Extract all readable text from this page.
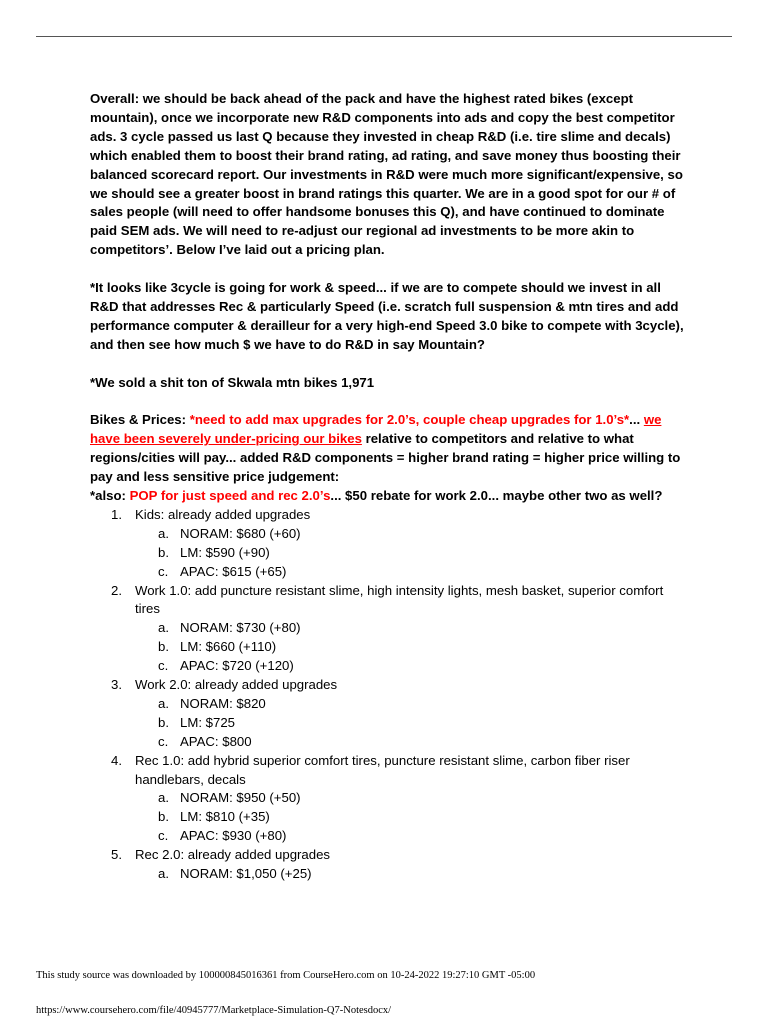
Overall: we should be back ahead of the pack and have the highest rated bikes (except mountain), once we incorporate new R&D components into ads and copy the best competitor ads. 3 cycle passed us last Q because they invested in cheap R&D (i.e. tire slime and decals) which enabled them to boost their brand rating, ad rating, and save money thus boosting their balanced scorecard report. Our investments in R&D were much more significant/expensive, so we should see a greater boost in brand ratings this quarter. We are in a good spot for our # of sales people (will need to offer handsome bonuses this Q), and have continued to dominate paid SEM ads. We will need to re-adjust our regional ad investments to be more akin to competitors’. Below I’ve laid out a pricing plan.

*It looks like 3cycle is going for work & speed... if we are to compete should we invest in all R&D that addresses Rec & particularly Speed (i.e. scratch full suspension & mtn tires and add performance computer & derailleur for a very high-end Speed 3.0 bike to compete with 3cycle), and then see how much $ we have to do R&D in say Mountain?

*We sold a shit ton of Skwala mtn bikes 1,971

Bikes & Prices: *need to add max upgrades for 2.0’s, couple cheap upgrades for 1.0’s*... we have been severely under-pricing our bikes relative to competitors and relative to what regions/cities will pay... added R&D components = higher brand rating = higher price willing to pay and less sensitive price judgement:

*also: POP for just speed and rec 2.0’s... $50 rebate for work 2.0... maybe other two as well?

1. Kids: already added upgrades
a. NORAM: $680 (+60)
b. LM: $590 (+90)
c. APAC: $615 (+65)
2. Work 1.0: add puncture resistant slime, high intensity lights, mesh basket, superior comfort tires
a. NORAM: $730 (+80)
b. LM: $660 (+110)
c. APAC: $720 (+120)
3. Work 2.0: already added upgrades
a. NORAM: $820
b. LM: $725
c. APAC: $800
4. Rec 1.0: add hybrid superior comfort tires, puncture resistant slime, carbon fiber riser handlebars, decals
a. NORAM: $950 (+50)
b. LM: $810 (+35)
c. APAC: $930 (+80)
5. Rec 2.0: already added upgrades
a. NORAM: $1,050 (+25)
This study source was downloaded by 100000845016361 from CourseHero.com on 10-24-2022 19:27:10 GMT -05:00
https://www.coursehero.com/file/40945777/Marketplace-Simulation-Q7-Notesdocx/
